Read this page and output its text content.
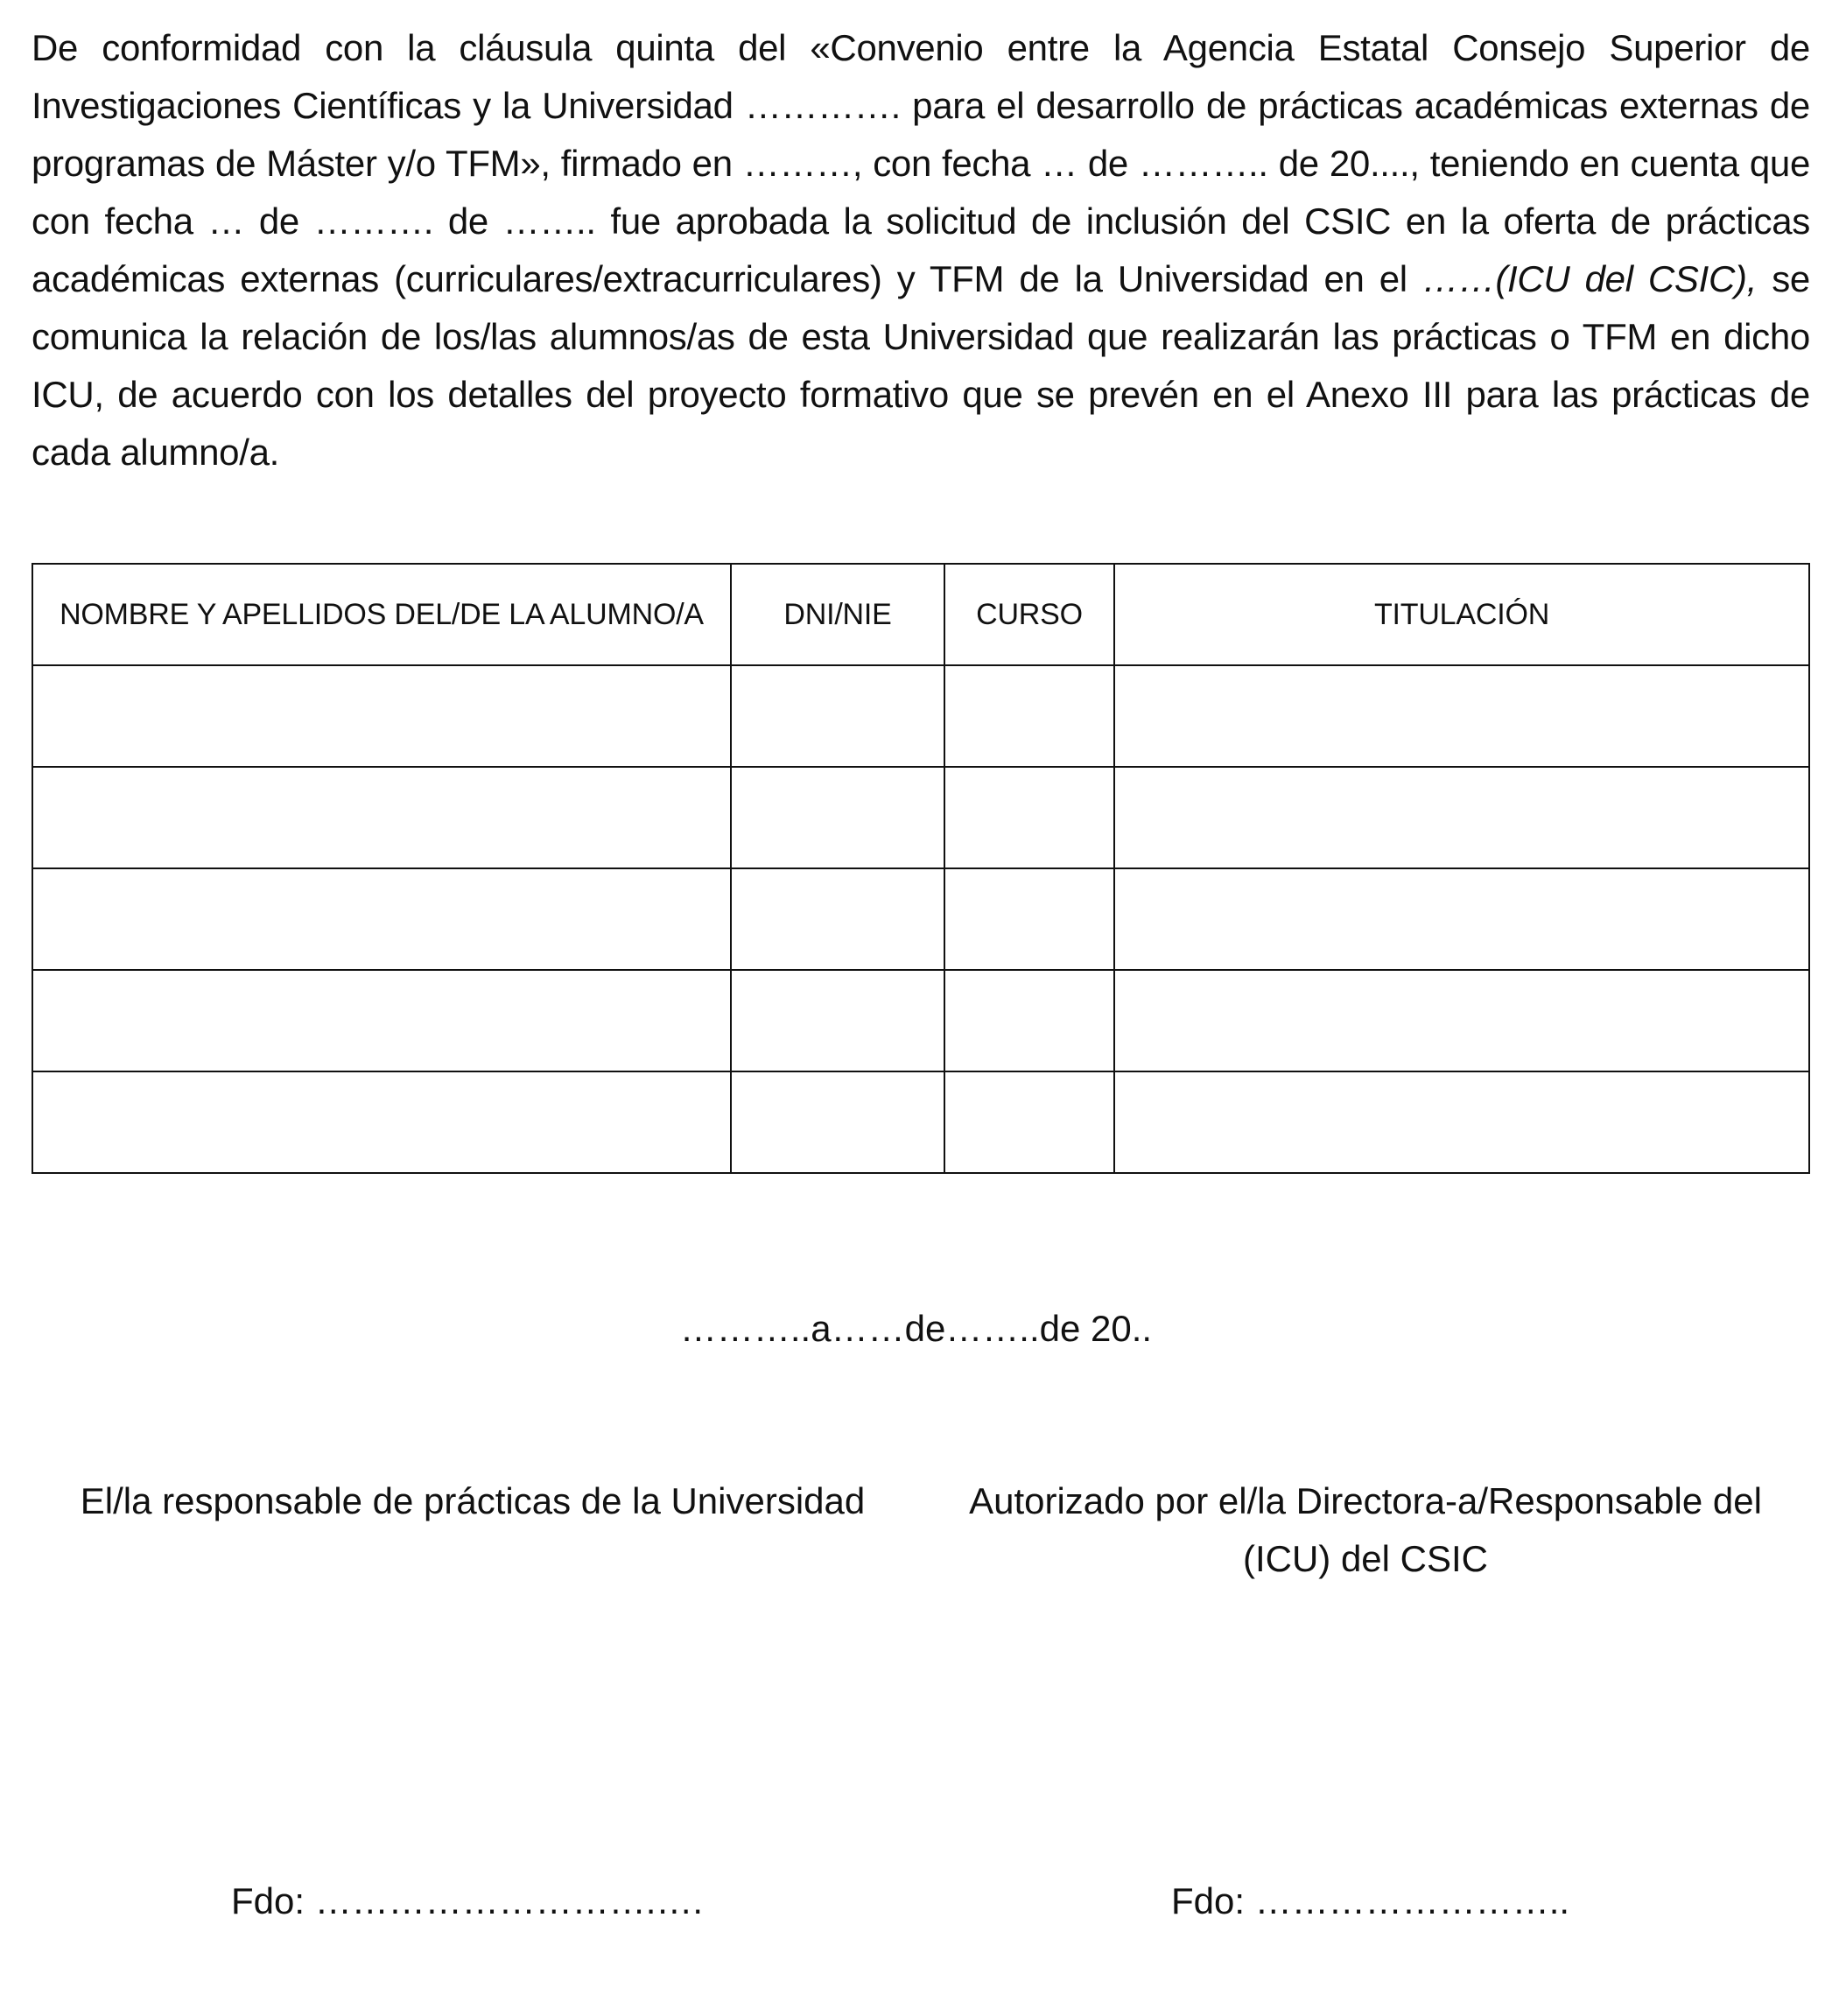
De conformidad con la cláusula quinta del «Convenio entre la Agencia Estatal Consejo Superior de Investigaciones Científicas y la Universidad …………. para el desarrollo de prácticas académicas externas de programas de Máster y/o TFM», firmado en ………, con fecha … de ……….. de 20...., teniendo en cuenta que con fecha … de ………. de …….. fue aprobada la solicitud de inclusión del CSIC en la oferta de prácticas académicas externas (curriculares/extracurriculares) y TFM de la Universidad en el ……(ICU del CSIC), se comunica la relación de los/las alumnos/as de esta Universidad que realizarán las prácticas o TFM en dicho ICU, de acuerdo con los detalles del proyecto formativo que se prevén en el Anexo III para las prácticas de cada alumno/a.

NOMBRE Y APELLIDOS DEL/DE LA ALUMNO/A	DNI/NIE	CURSO	TITULACIÓN

………..a……de……..de 20..
El/la responsable de prácticas de la Universidad	Autorizado por el/la Directora-a/Responsable del
(ICU) del CSIC
Fdo: ……………………….….	Fdo: ……………………..
